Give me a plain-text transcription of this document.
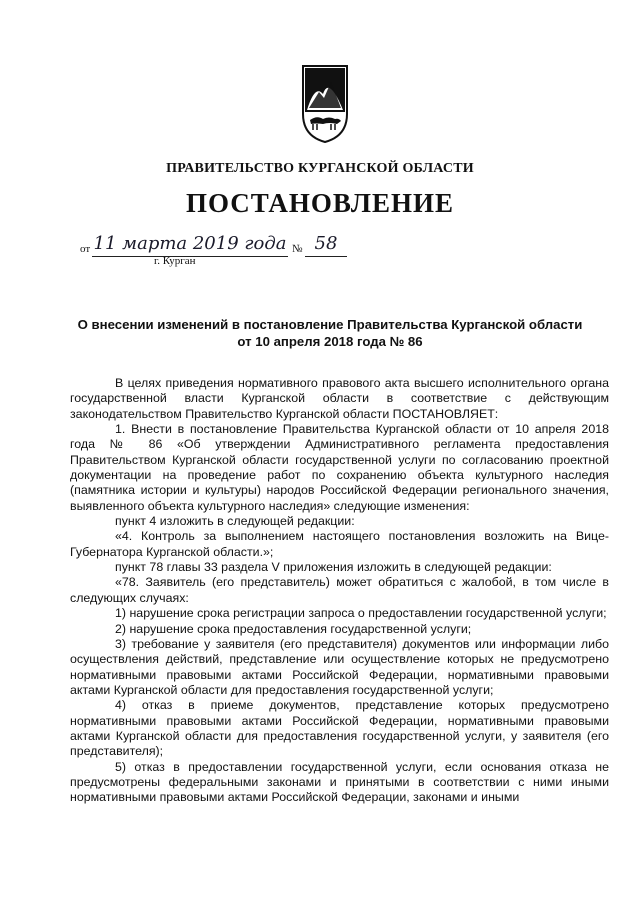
ПРАВИТЕЛЬСТВО КУРГАНСКОЙ ОБЛАСТИ
ПОСТАНОВЛЕНИЕ
от 11 марта 2019 года № 58
г. Курган
О внесении изменений в постановление Правительства Курганской области
от 10 апреля 2018 года № 86

В целях приведения нормативного правового акта высшего исполнительного органа государственной власти Курганской области в соответствие с действующим законодательством Правительство Курганской области ПОСТАНОВЛЯЕТ:

1. Внести в постановление Правительства Курганской области от 10 апреля 2018 года № 86 «Об утверждении Административного регламента предоставления Правительством Курганской области государственной услуги по согласованию проектной документации на проведение работ по сохранению объекта культурного наследия (памятника истории и культуры) народов Российской Федерации регионального значения, выявленного объекта культурного наследия» следующие изменения:

пункт 4 изложить в следующей редакции:

«4. Контроль за выполнением настоящего постановления возложить на Вице-Губернатора Курганской области.»;

пункт 78 главы 33 раздела V приложения изложить в следующей редакции:

«78. Заявитель (его представитель) может обратиться с жалобой, в том числе в следующих случаях:

1) нарушение срока регистрации запроса о предоставлении государственной услуги;

2) нарушение срока предоставления государственной услуги;

3) требование у заявителя (его представителя) документов или информации либо осуществления действий, представление или осуществление которых не предусмотрено нормативными правовыми актами Российской Федерации, нормативными правовыми актами Курганской области для предоставления государственной услуги;

4) отказ в приеме документов, представление которых предусмотрено нормативными правовыми актами Российской Федерации, нормативными правовыми актами Курганской области для предоставления государственной услуги, у заявителя (его представителя);

5) отказ в предоставлении государственной услуги, если основания отказа не предусмотрены федеральными законами и принятыми в соответствии с ними иными нормативными правовыми актами Российской Федерации, законами и иными
